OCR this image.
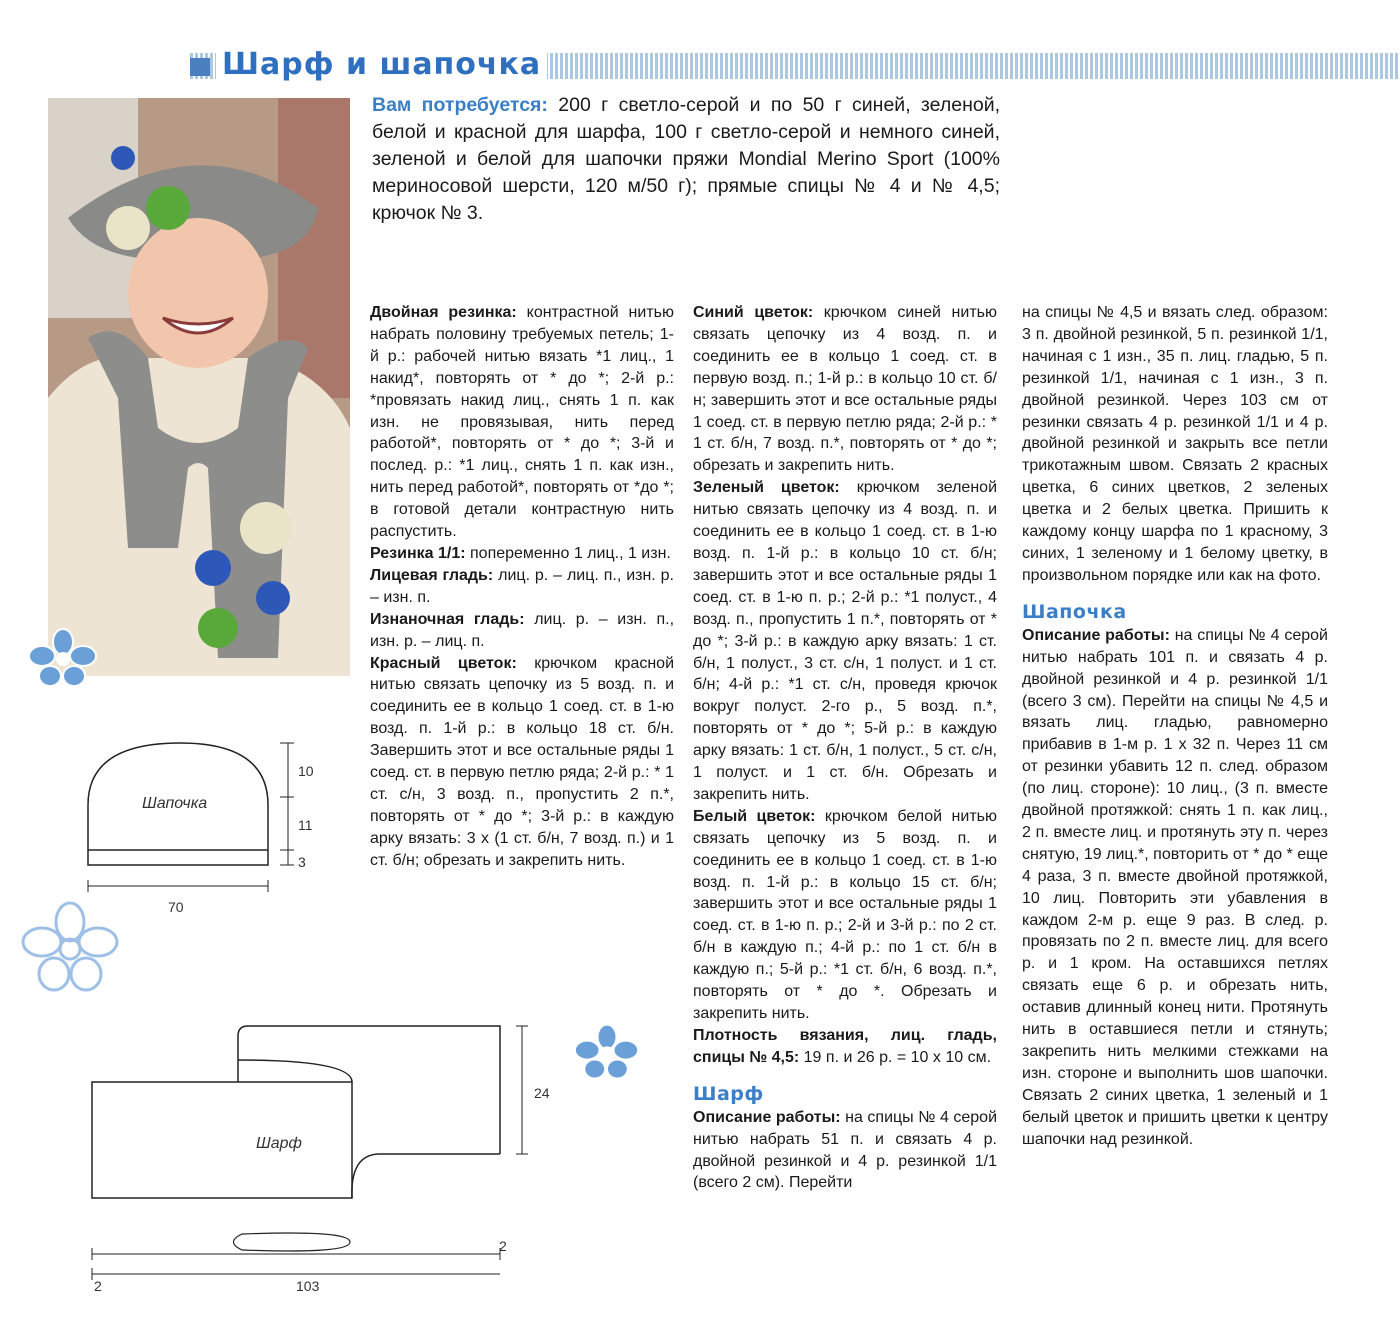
Шарф и шапочка
Шапочка
10
11
3
70
Шарф
24
2
2	103
Вам потребуется: 200 г светло-серой и по 50 г синей, зеленой, белой и красной для шарфа, 100 г светло-серой и немного синей, зеленой и белой для шапочки пряжи Mondial Merino Sport (100% мериносовой шерсти, 120 м/50 г); прямые спицы № 4 и № 4,5; крючок № 3.

Двойная резинка: контрастной нитью набрать половину требуемых петель; 1-й р.: рабочей нитью вязать *1 лиц., 1 накид*, повторять от * до *; 2-й р.: *провязать накид лиц., снять 1 п. как изн. не провязывая, нить перед работой*, повторять от * до *; 3-й и послед. р.: *1 лиц., снять 1 п. как изн., нить перед работой*, повторять от *до *; в готовой детали контрастную нить распустить.

Резинка 1/1: попеременно 1 лиц., 1 изн.

Лицевая гладь: лиц. р. – лиц. п., изн. р. – изн. п.

Изнаночная гладь: лиц. р. – изн. п., изн. р. – лиц. п.

Красный цветок: крючком красной нитью связать цепочку из 5 возд. п. и соединить ее в кольцо 1 соед. ст. в 1-ю возд. п. 1-й р.: в кольцо 18 ст. б/н. Завершить этот и все остальные ряды 1 соед. ст. в первую петлю ряда; 2-й р.: * 1 ст. с/н, 3 возд. п., пропустить 2 п.*, повторять от * до *; 3-й р.: в каждую арку вязать: 3 х (1 ст. б/н, 7 возд. п.) и 1 ст. б/н; обрезать и закрепить нить.

Синий цветок: крючком синей нитью связать цепочку из 4 возд. п. и соединить ее в кольцо 1 соед. ст. в первую возд. п.; 1-й р.: в кольцо 10 ст. б/н; завершить этот и все остальные ряды 1 соед. ст. в первую петлю ряда; 2-й р.: * 1 ст. б/н, 7 возд. п.*, повторять от * до *; обрезать и закрепить нить.

Зеленый цветок: крючком зеленой нитью связать цепочку из 4 возд. п. и соединить ее в кольцо 1 соед. ст. в 1-ю возд. п. 1-й р.: в кольцо 10 ст. б/н; завершить этот и все остальные ряды 1 соед. ст. в 1-ю п. р.; 2-й р.: *1 полуст., 4 возд. п., пропустить 1 п.*, повторять от * до *; 3-й р.: в каждую арку вязать: 1 ст. б/н, 1 полуст., 3 ст. с/н, 1 полуст. и 1 ст. б/н; 4-й р.: *1 ст. с/н, проведя крючок вокруг полуст. 2-го р., 5 возд. п.*, повторять от * до *; 5-й р.: в каждую арку вязать: 1 ст. б/н, 1 полуст., 5 ст. с/н, 1 полуст. и 1 ст. б/н. Обрезать и закрепить нить.

Белый цветок: крючком белой нитью связать цепочку из 5 возд. п. и соединить ее в кольцо 1 соед. ст. в 1-ю возд. п. 1-й р.: в кольцо 15 ст. б/н; завершить этот и все остальные ряды 1 соед. ст. в 1-ю п. р.; 2-й и 3-й р.: по 2 ст. б/н в каждую п.; 4-й р.: по 1 ст. б/н в каждую п.; 5-й р.: *1 ст. б/н, 6 возд. п.*, повторять от * до *. Обрезать и закрепить нить.

Плотность вязания, лиц. гладь, спицы № 4,5: 19 п. и 26 р. = 10 х 10 см.

Шарф

Описание работы: на спицы № 4 серой нитью набрать 51 п. и связать 4 р. двойной резинкой и 4 р. резинкой 1/1 (всего 2 см). Перейти

на спицы № 4,5 и вязать след. образом: 3 п. двойной резинкой, 5 п. резинкой 1/1, начиная с 1 изн., 35 п. лиц. гладью, 5 п. резинкой 1/1, начиная с 1 изн., 3 п. двойной резинкой. Через 103 см от резинки связать 4 р. резинкой 1/1 и 4 р. двойной резинкой и закрыть все петли трикотажным швом. Связать 2 красных цветка, 6 синих цветков, 2 зеленых цветка и 2 белых цветка. Пришить к каждому концу шарфа по 1 красному, 3 синих, 1 зеленому и 1 белому цветку, в произвольном порядке или как на фото.

Шапочка

Описание работы: на спицы № 4 серой нитью набрать 101 п. и связать 4 р. двойной резинкой и 4 р. резинкой 1/1 (всего 3 см). Перейти на спицы № 4,5 и вязать лиц. гладью, равномерно прибавив в 1-м р. 1 х 32 п. Через 11 см от резинки убавить 12 п. след. образом (по лиц. стороне): 10 лиц., (3 п. вместе двойной протяжкой: снять 1 п. как лиц., 2 п. вместе лиц. и протянуть эту п. через снятую, 19 лиц.*, повторить от * до * еще 4 раза, 3 п. вместе двойной протяжкой, 10 лиц. Повторить эти убавления в каждом 2-м р. еще 9 раз. В след. р. провязать по 2 п. вместе лиц. для всего р. и 1 кром. На оставшихся петлях связать еще 6 р. и обрезать нить, оставив длинный конец нити. Протянуть нить в оставшиеся петли и стянуть; закрепить нить мелкими стежками на изн. стороне и выполнить шов шапочки. Связать 2 синих цветка, 1 зеленый и 1 белый цветок и пришить цветки к центру шапочки над резинкой.
